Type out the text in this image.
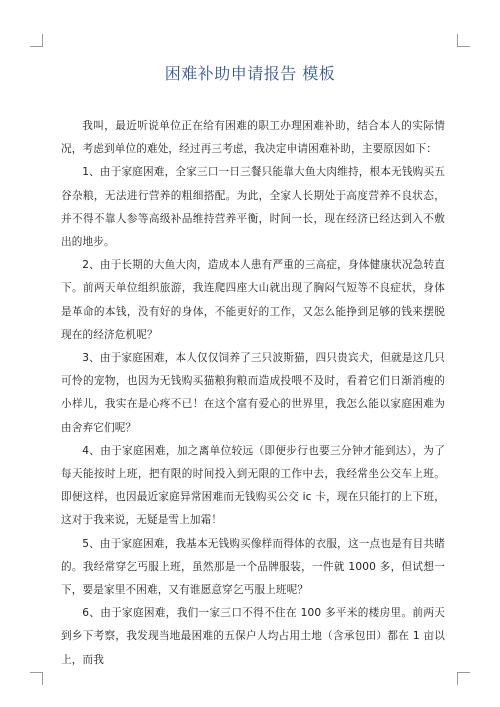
困难补助申请报告 模板

我叫，最近听说单位正在给有困难的职工办理困难补助，结合本人的实际情况，考虑到单位的难处，经过再三考虑，我决定申请困难补助，主要原因如下：

1、由于家庭困难，全家三口一日三餐只能靠大鱼大肉维持，根本无钱购买五谷杂粮，无法进行营养的粗细搭配。为此，全家人长期处于高度营养不良状态，并不得不靠人参等高级补品维持营养平衡，时间一长，现在经济已经达到入不敷出的地步。

2、由于长期的大鱼大肉，造成本人患有严重的三高症，身体健康状况急转直下。前两天单位组织旅游，我连爬四座大山就出现了胸闷气短等不良症状，身体是革命的本钱，没有好的身体，不能更好的工作，又怎么能挣到足够的钱来摆脱现在的经济危机呢？

3、由于家庭困难，本人仅仅饲养了三只波斯猫，四只贵宾犬，但就是这几只可怜的宠物，也因为无钱购买猫粮狗粮而造成投喂不及时，看着它们日渐消瘦的小样儿，我实在是心疼不已！在这个富有爱心的世界里，我怎么能以家庭困难为由舍弃它们呢？

4、由于家庭困难，加之离单位较远（即便步行也要三分钟才能到达），为了每天能按时上班，把有限的时间投入到无限的工作中去，我经常坐公交车上班。即便这样，也因最近家庭异常困难而无钱购买公交 ic 卡，现在只能打的上下班，这对于我来说，无疑是雪上加霜！

5、由于家庭困难，我基本无钱购买像样而得体的衣服，这一点也是有目共睹的。我经常穿乞丐服上班，虽然那是一个品牌服装，一件就 1000 多，但试想一下，要是家里不困难，又有谁愿意穿乞丐服上班呢？

6、由于家庭困难，我们一家三口不得不住在 100 多平米的楼房里。前两天到乡下考察，我发现当地最困难的五保户人均占用土地（含承包田）都在 1 亩以上，而我
